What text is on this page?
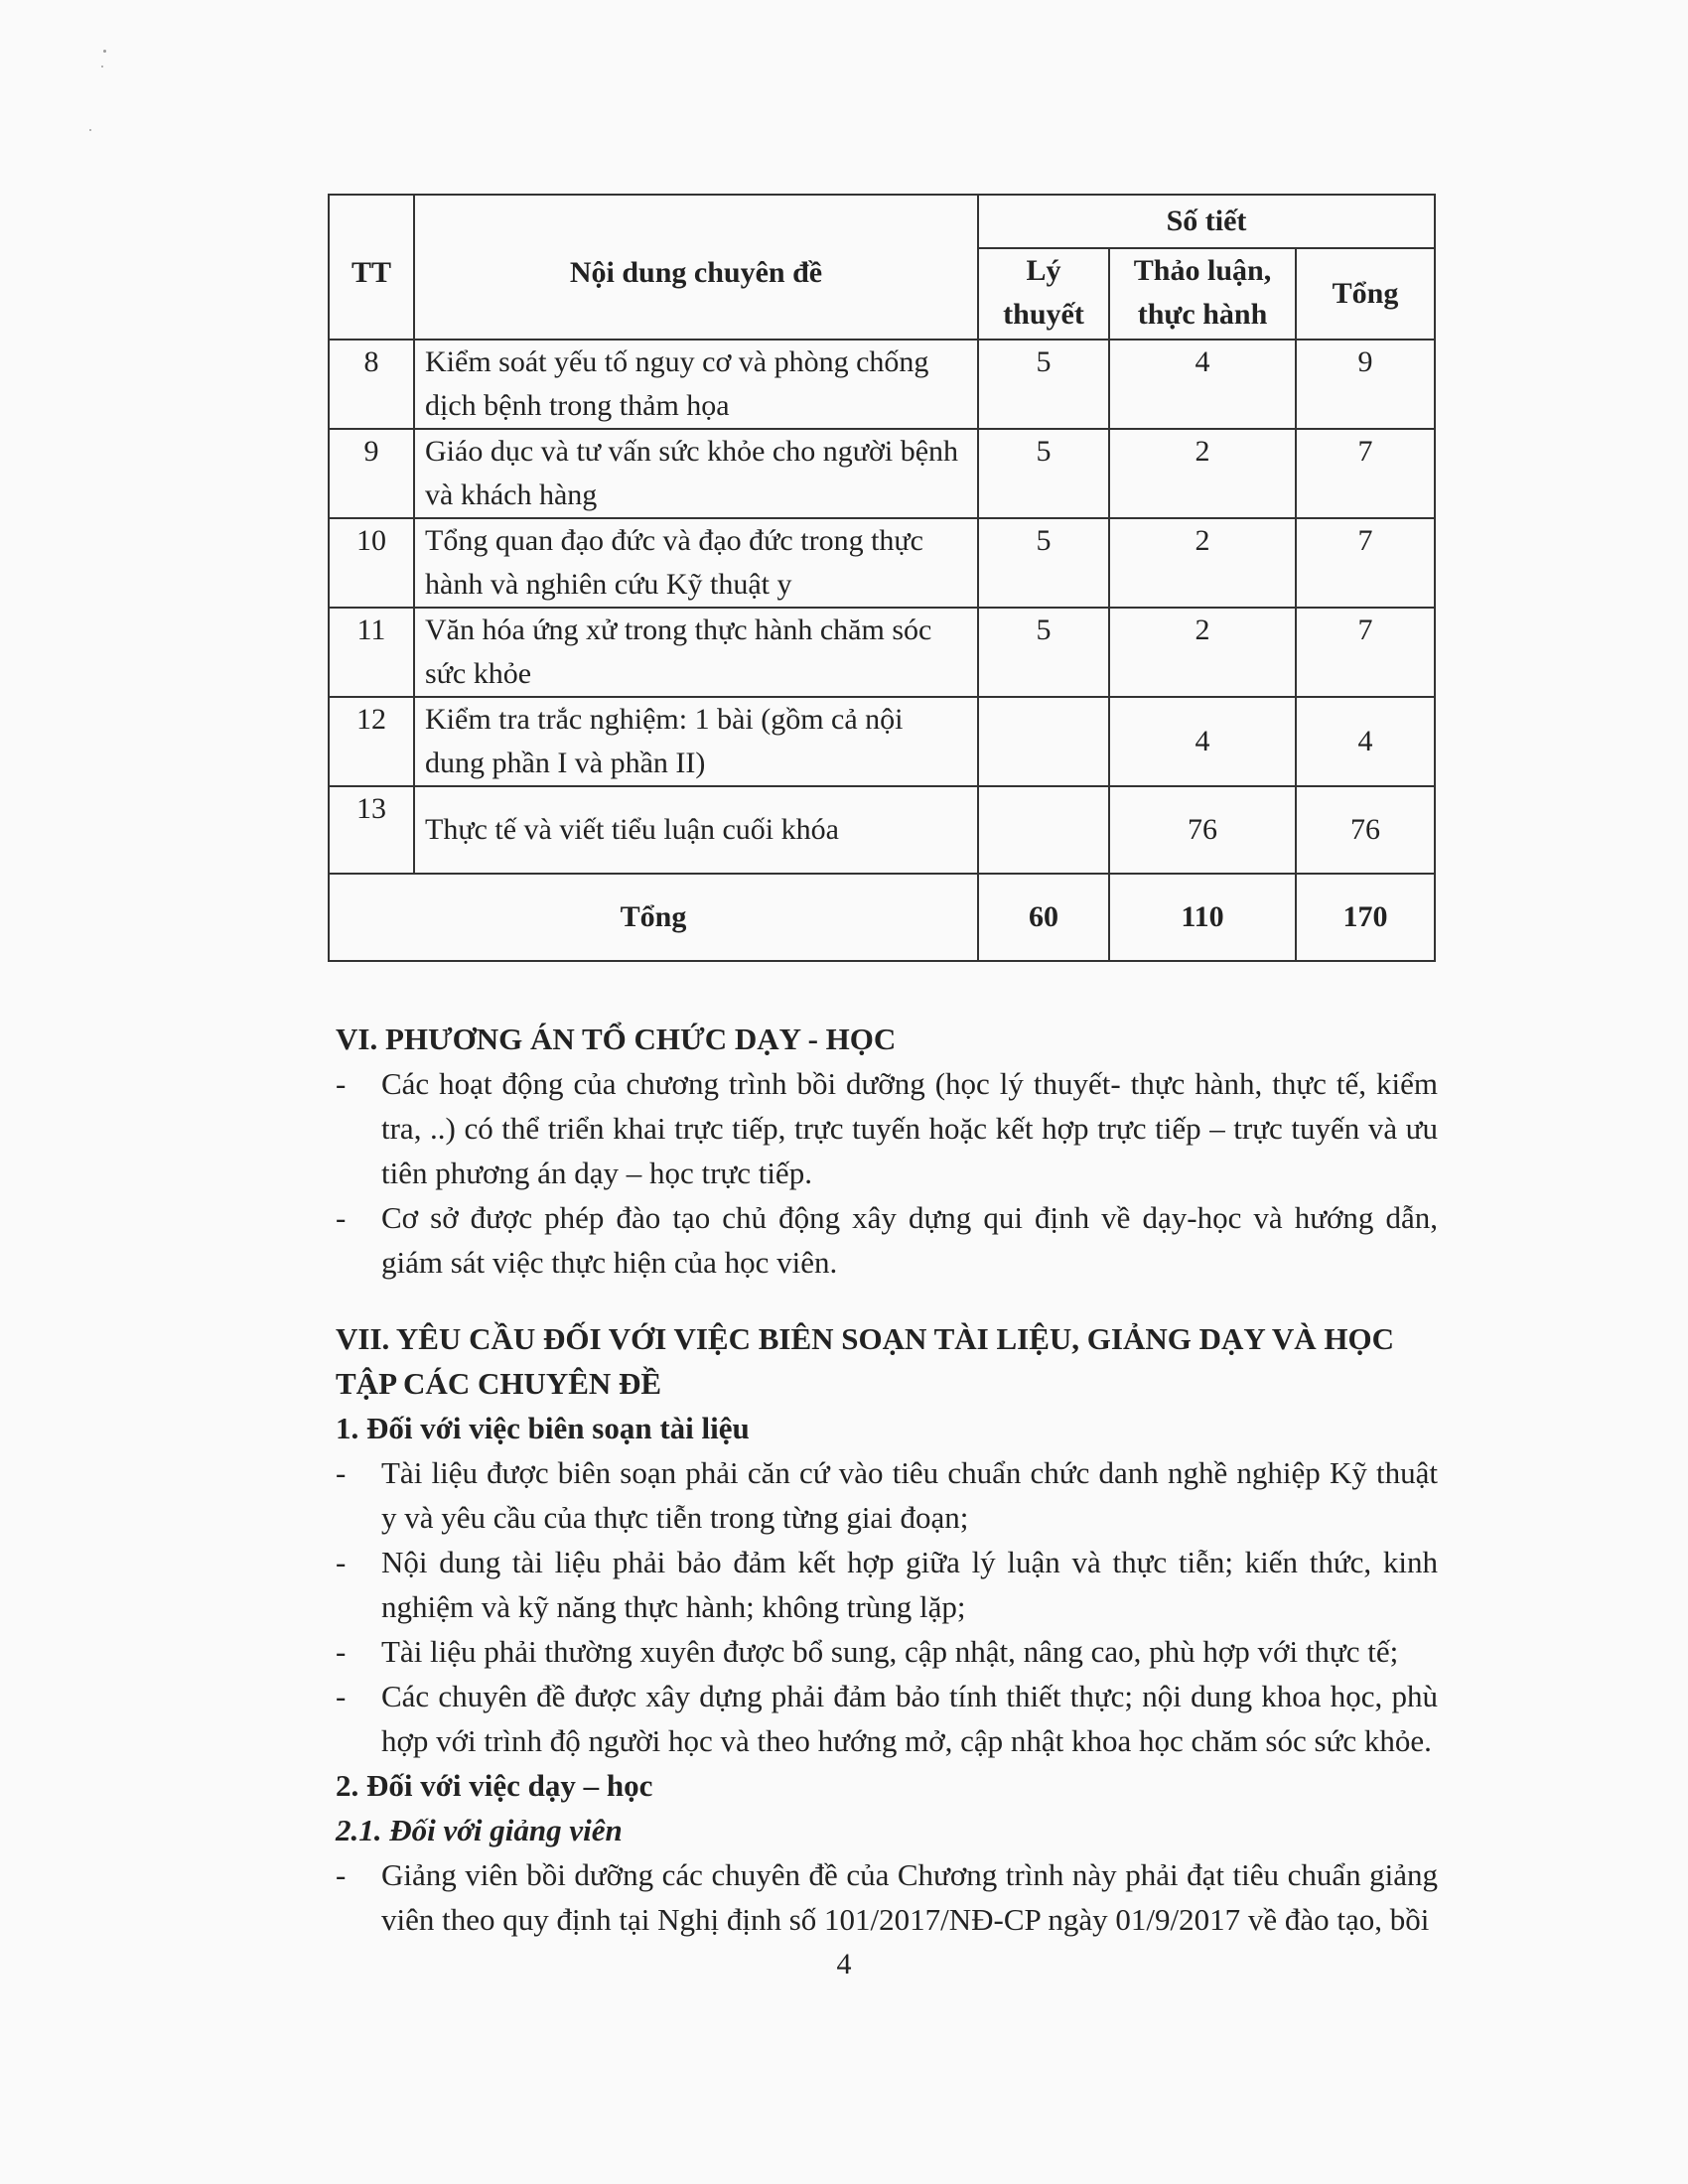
TT	Nội dung chuyên đề	Số tiết		
		Lý thuyết	Thảo luận, thực hành	Tổng
8	Kiểm soát yếu tố nguy cơ và phòng chống dịch bệnh trong thảm họa	5	4	9
9	Giáo dục và tư vấn sức khỏe cho người bệnh và khách hàng	5	2	7
10	Tổng quan đạo đức và đạo đức trong thực hành và nghiên cứu Kỹ thuật y	5	2	7
11	Văn hóa ứng xử trong thực hành chăm sóc sức khỏe	5	2	7
12	Kiểm tra trắc nghiệm: 1 bài (gồm cả nội dung phần I và phần II)		4	4
13	Thực tế và viết tiểu luận cuối khóa		76	76
Tổng		60	110	170
VI. PHƯƠNG ÁN TỔ CHỨC DẠY - HỌC
- Các hoạt động của chương trình bồi dưỡng (học lý thuyết- thực hành, thực tế, kiểm tra, ..) có thể triển khai trực tiếp, trực tuyến hoặc kết hợp trực tiếp – trực tuyến và ưu tiên phương án dạy – học trực tiếp.
- Cơ sở được phép đào tạo chủ động xây dựng qui định về dạy-học và hướng dẫn, giám sát việc thực hiện của học viên.
VII. YÊU CẦU ĐỐI VỚI VIỆC BIÊN SOẠN TÀI LIỆU, GIẢNG DẠY VÀ HỌC TẬP CÁC CHUYÊN ĐỀ
1. Đối với việc biên soạn tài liệu
- Tài liệu được biên soạn phải căn cứ vào tiêu chuẩn chức danh nghề nghiệp Kỹ thuật y và yêu cầu của thực tiễn trong từng giai đoạn;
- Nội dung tài liệu phải bảo đảm kết hợp giữa lý luận và thực tiễn; kiến thức, kinh nghiệm và kỹ năng thực hành; không trùng lặp;
- Tài liệu phải thường xuyên được bổ sung, cập nhật, nâng cao, phù hợp với thực tế;
- Các chuyên đề được xây dựng phải đảm bảo tính thiết thực; nội dung khoa học, phù hợp với trình độ người học và theo hướng mở, cập nhật khoa học chăm sóc sức khỏe.
2. Đối với việc dạy – học
2.1. Đối với giảng viên
- Giảng viên bồi dưỡng các chuyên đề của Chương trình này phải đạt tiêu chuẩn giảng viên theo quy định tại Nghị định số 101/2017/NĐ-CP ngày 01/9/2017 về đào tạo, bồi
4
